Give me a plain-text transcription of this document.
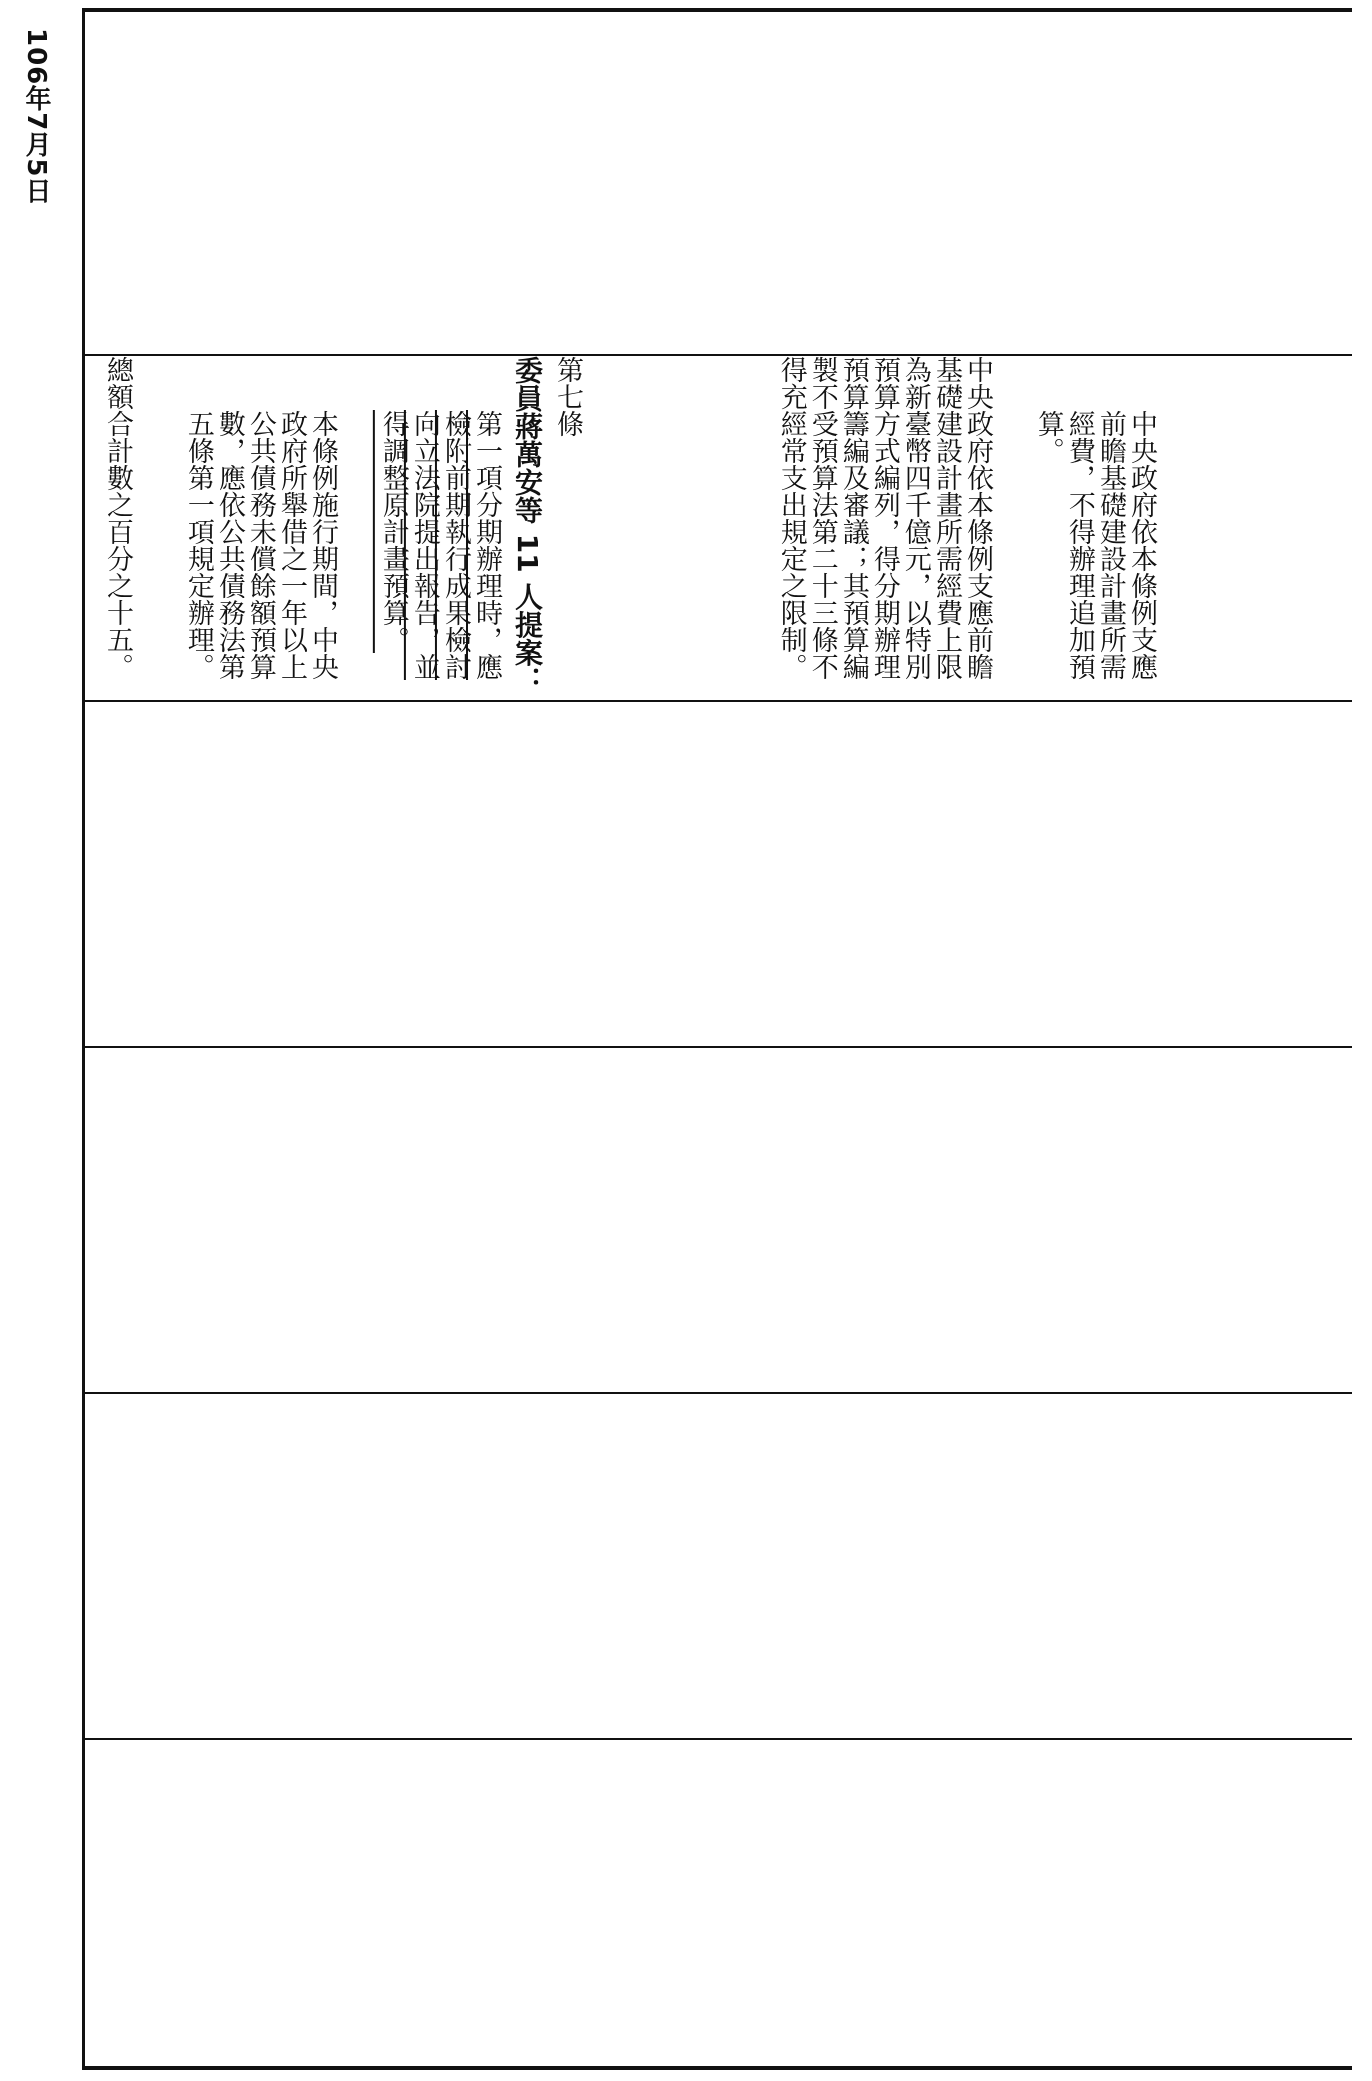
106年7月5日
總額合計數之百分之十五。	本條例施行期間，中央政府所舉借之一年以上公共債務未償餘額預算數，應依公共債務法第五條第一項規定辦理。	第一項分期辦理時，應檢附前期執行成果檢討向立法院提出報告，並得調整原計畫預算。	委員蔣萬安等 11 人提案： 第七條	中央政府依本條例支應前瞻基礎建設計畫所需經費上限為新臺幣四千億元，以特別預算方式編列，得分期辦理預算籌編及審議；其預算編製不受預算法第二十三條不得充經常支出規定之限制。	中央政府依本條例支應前瞻基礎建設計畫所需經費，不得辦理追加預算。
